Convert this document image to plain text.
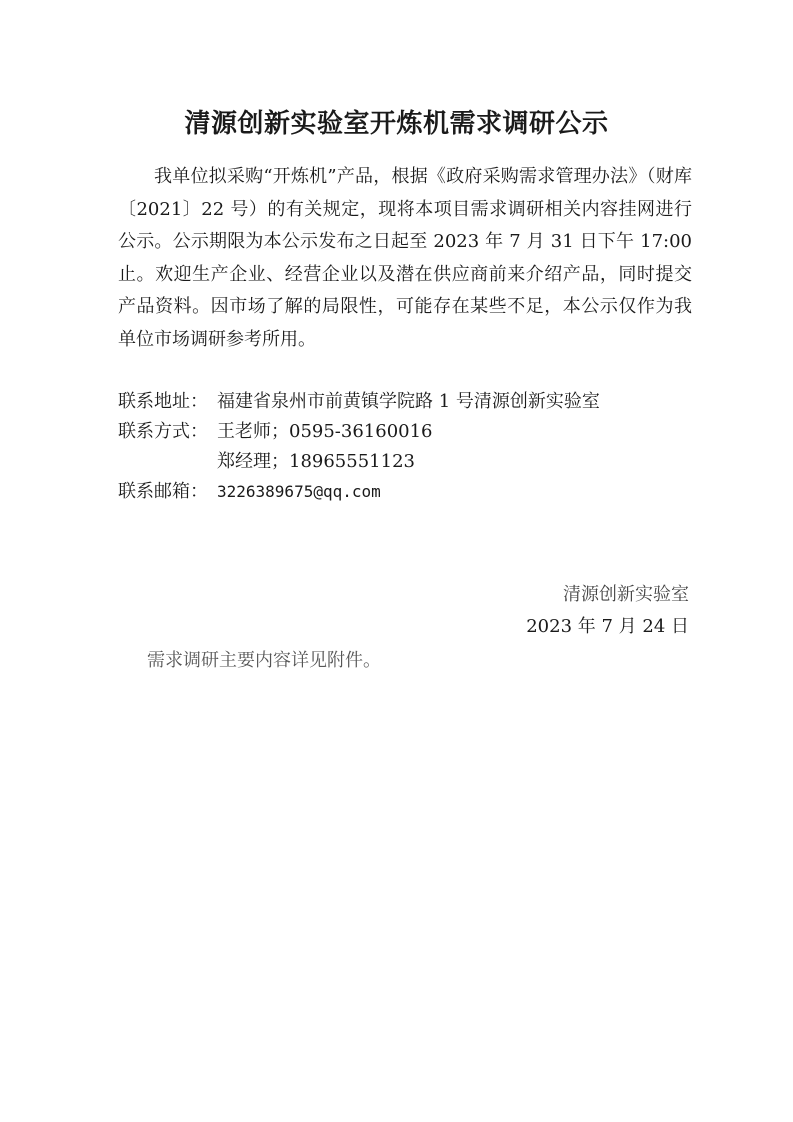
清源创新实验室开炼机需求调研公示

我单位拟采购“开炼机”产品，根据《政府采购需求管理办法》（财库〔2021〕22 号）的有关规定，现将本项目需求调研相关内容挂网进行公示。公示期限为本公示发布之日起至 2023 年 7 月 31 日下午 17:00 止。欢迎生产企业、经营企业以及潜在供应商前来介绍产品，同时提交产品资料。因市场了解的局限性，可能存在某些不足，本公示仅作为我单位市场调研参考所用。

联系地址： 福建省泉州市前黄镇学院路 1 号清源创新实验室
联系方式： 王老师；0595-36160016
郑经理；18965551123
联系邮箱： 3226389675@qq.com
清源创新实验室
2023 年 7 月 24 日
需求调研主要内容详见附件。
